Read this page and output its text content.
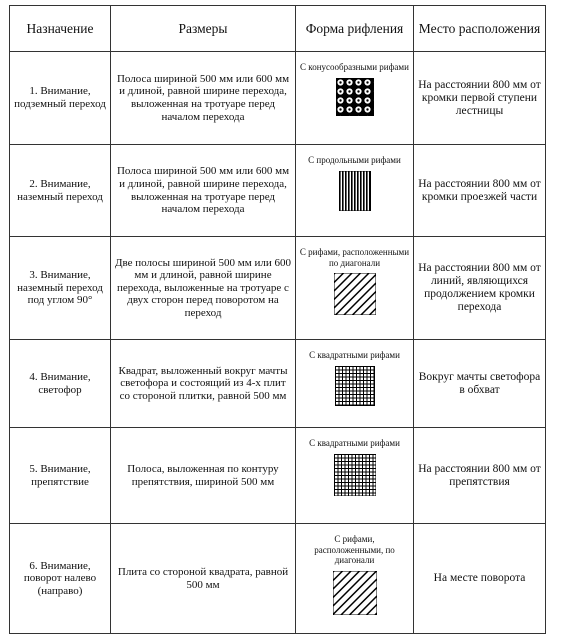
Назначение	Размеры	Форма рифления	Место расположения
1. Внимание, подземный переход	Полоса шириной 500 мм или 600 мм и длиной, равной ширине перехода, выложенная на тротуаре перед началом перехода	С конусообразными рифами	На расстоянии 800 мм от кромки первой ступени лестницы
2. Внимание, наземный переход	Полоса шириной 500 мм или 600 мм и длиной, равной ширине перехода, выложенная на тротуаре перед началом перехода	С продольными рифами	На расстоянии 800 мм от кромки проезжей части
3. Внимание, наземный переход под углом 90°	Две полосы шириной 500 мм или 600 мм и длиной, равной ширине перехода, выложенные на тротуаре с двух сторон перед поворотом на переход	С рифами, расположенными по диагонали	На расстоянии 800 мм от линий, являющихся продолжением кромки перехода
4. Внимание, светофор	Квадрат, выложенный вокруг мачты светофора и состоящий из 4-х плит со стороной плитки, равной 500 мм	С квадратными рифами	Вокруг мачты светофора в обхват
5. Внимание, препятствие	Полоса, выложенная по контуру препятствия, шириной 500 мм	С квадратными рифами	На расстоянии 800 мм от препятствия
6. Внимание, поворот налево (направо)	Плита со стороной квадрата, равной 500 мм	С рифами, расположенными, по диагонали	На месте поворота
